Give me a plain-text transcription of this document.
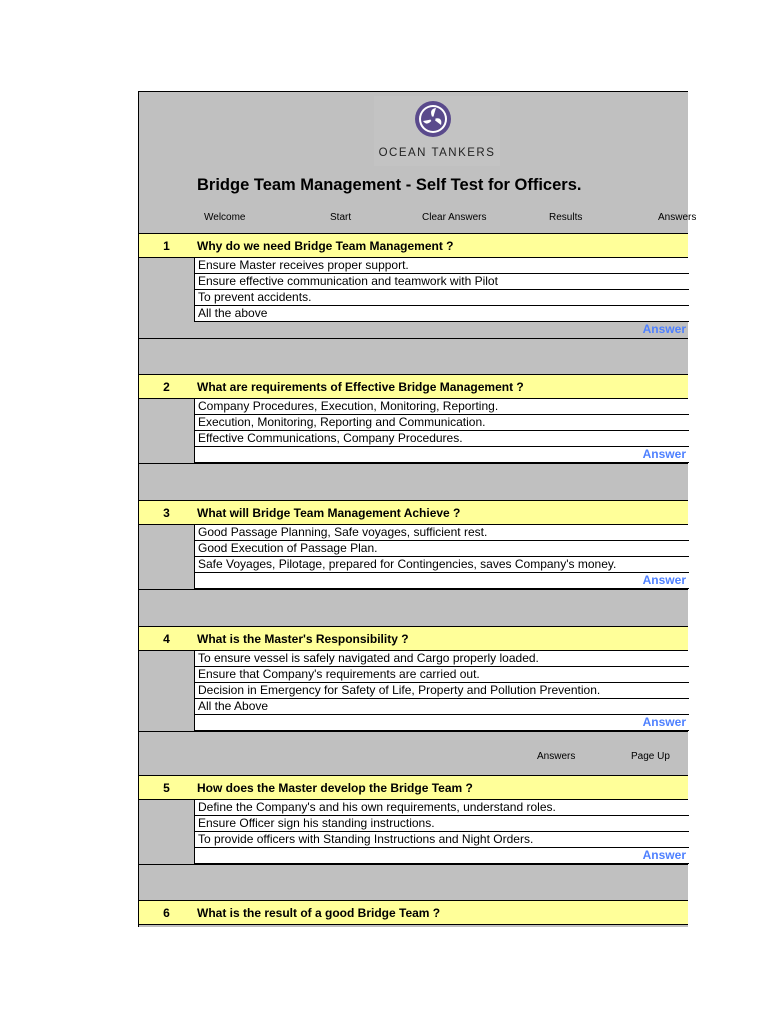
OCEAN TANKERS
Bridge Team Management - Self Test for Officers.
Welcome	Start	Clear Answers	Results	Answers
1	Why do we need Bridge Team Management ?
Ensure Master receives proper support.
Ensure effective communication and teamwork with Pilot
To prevent accidents.
All the above
Answer
2	What are requirements of Effective Bridge Management ?
Company Procedures, Execution, Monitoring, Reporting.
Execution, Monitoring, Reporting and Communication.
Effective Communications, Company Procedures.
Answer
3	What will Bridge Team Management Achieve ?
Good Passage Planning, Safe voyages, sufficient rest.
Good Execution of Passage Plan.
Safe Voyages, Pilotage, prepared for Contingencies, saves Company's money.
Answer
4	What is the Master's Responsibility ?
To ensure vessel is safely navigated and Cargo properly loaded.
Ensure that Company's requirements are carried out.
Decision in Emergency for Safety of Life, Property and Pollution Prevention.
All the Above
Answer
Answers	Page Up
5	How does the Master develop the Bridge Team ?
Define the Company's and his own requirements, understand roles.
Ensure Officer sign his standing instructions.
To provide officers with Standing Instructions and Night Orders.
Answer
6	What is the result of a good Bridge Team ?
